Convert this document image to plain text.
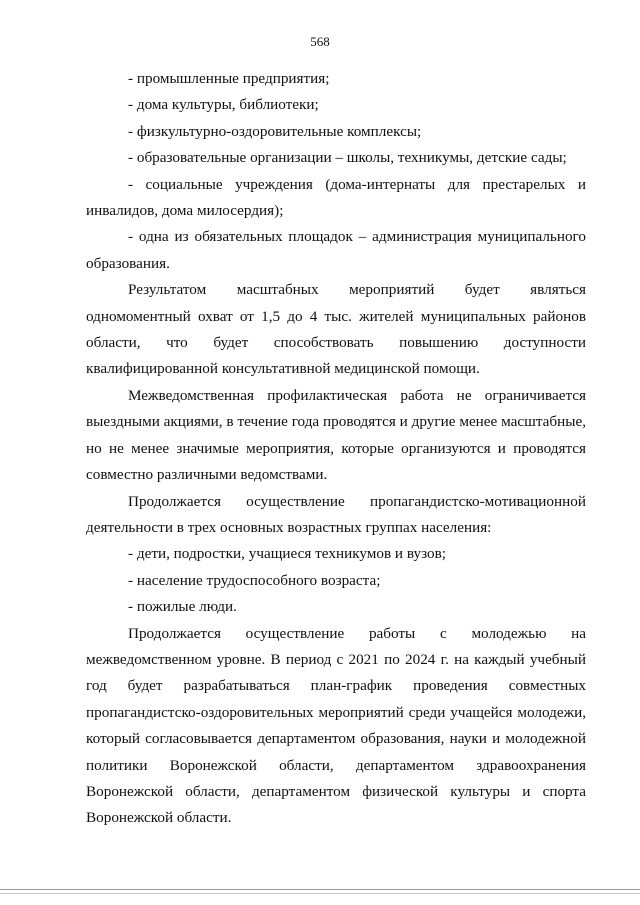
568

- промышленные предприятия;

- дома культуры, библиотеки;

- физкультурно-оздоровительные комплексы;

- образовательные организации – школы, техникумы, детские сады;

- социальные учреждения (дома-интернаты для престарелых и инвалидов, дома милосердия);

- одна из обязательных площадок – администрация муниципального образования.

Результатом масштабных мероприятий будет являться одномоментный охват от 1,5 до 4 тыс. жителей муниципальных районов области, что будет способствовать повышению доступности квалифицированной консультативной медицинской помощи.

Межведомственная профилактическая работа не ограничивается выездными акциями, в течение года проводятся и другие менее масштабные, но не менее значимые мероприятия, которые организуются и проводятся совместно различными ведомствами.

Продолжается осуществление пропагандистско-мотивационной деятельности в трех основных возрастных группах населения:

- дети, подростки, учащиеся техникумов и вузов;

- население трудоспособного возраста;

- пожилые люди.

Продолжается осуществление работы с молодежью на межведомственном уровне. В период с 2021 по 2024 г. на каждый учебный год будет разрабатываться план-график проведения совместных пропагандистско-оздоровительных мероприятий среди учащейся молодежи, который согласовывается департаментом образования, науки и молодежной политики Воронежской области, департаментом здравоохранения Воронежской области, департаментом физической культуры и спорта Воронежской области.
